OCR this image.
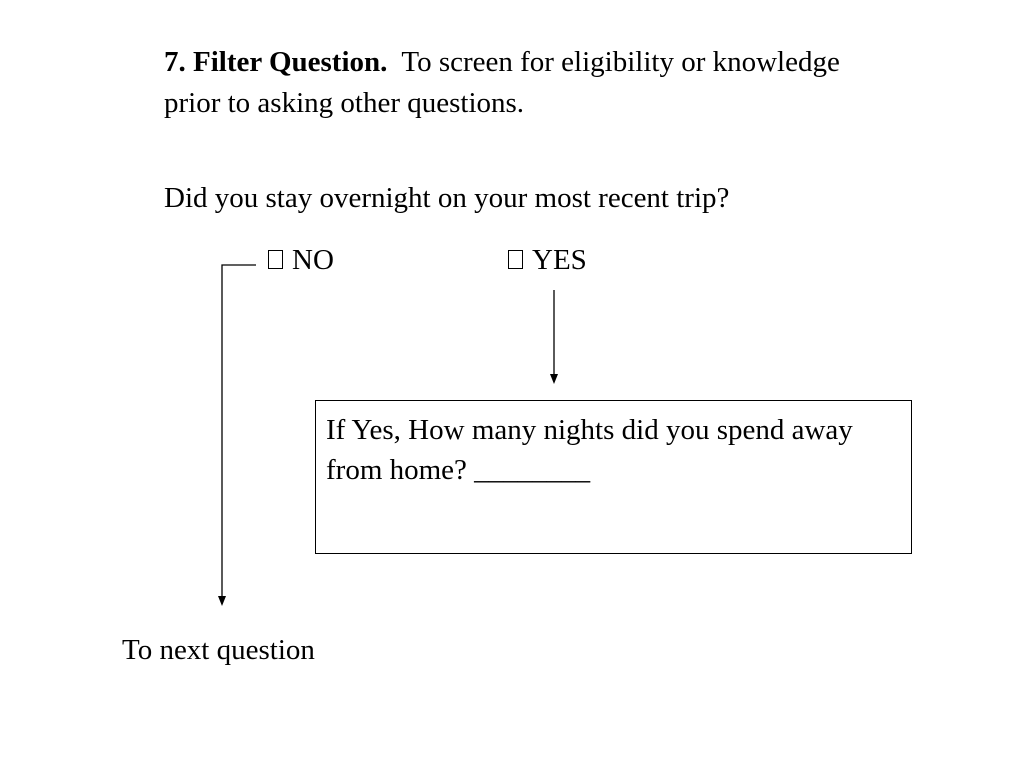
7. Filter Question. To screen for eligibility or knowledge prior to asking other questions.
Did you stay overnight on your most recent trip?
NO	YES
If Yes, How many nights did you spend away from home? ________
To next question
